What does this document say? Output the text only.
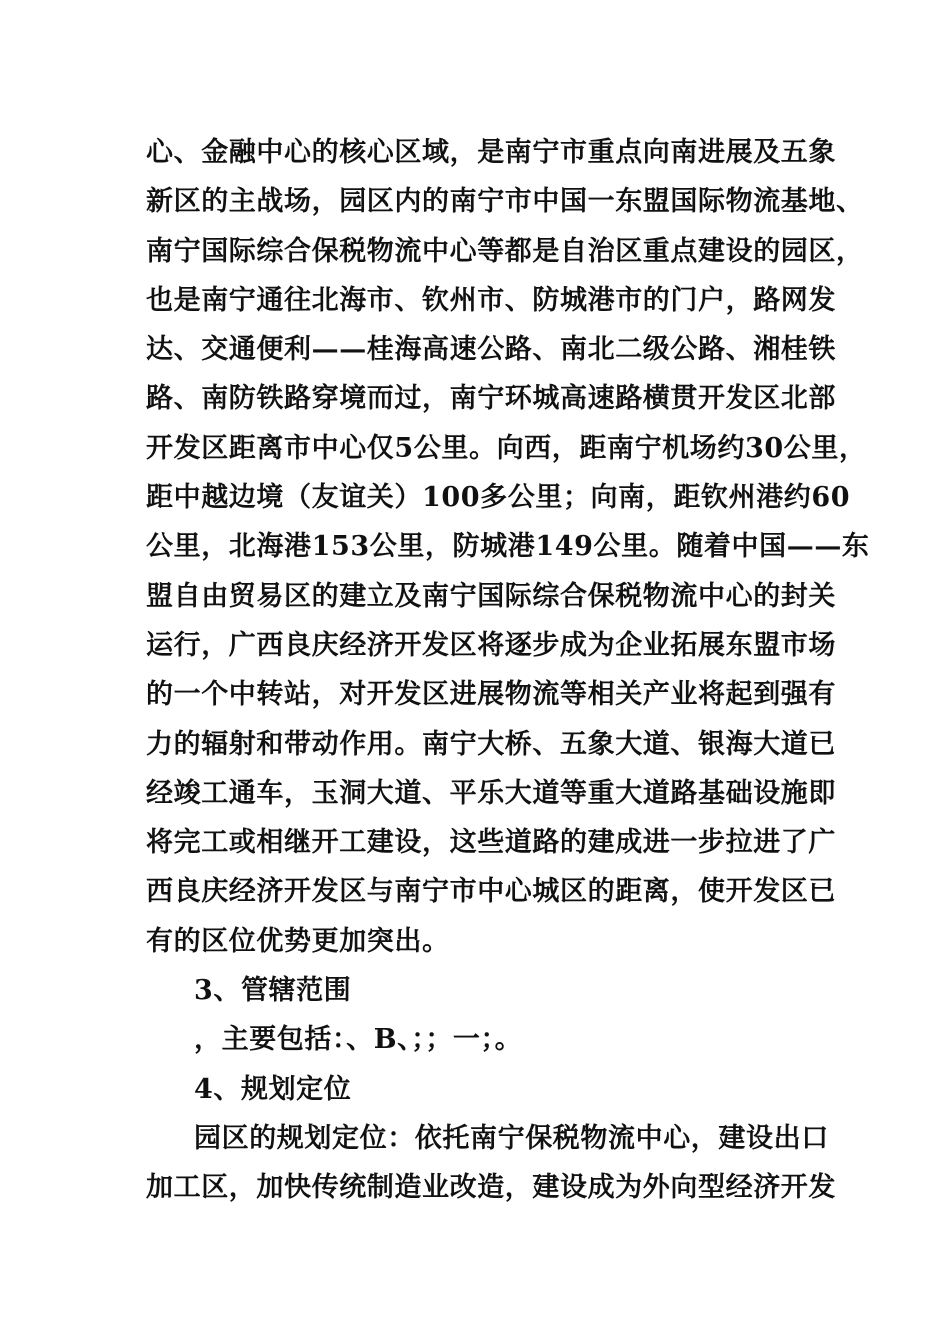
心、金融中心的核心区域，是南宁市重点向南进展及五象
新区的主战场，园区内的南宁市中国一东盟国际物流基地、
南宁国际综合保税物流中心等都是自治区重点建设的园区，
也是南宁通往北海市、钦州市、防城港市的门户，路网发
达、交通便利——桂海高速公路、南北二级公路、湘桂铁
路、南防铁路穿境而过，南宁环城高速路横贯开发区北部
开发区距离市中心仅5公里。向西，距南宁机场约30公里，
距中越边境（友谊关）100多公里；向南，距钦州港约60
公里，北海港153公里，防城港149公里。随着中国——东
盟自由贸易区的建立及南宁国际综合保税物流中心的封关
运行，广西良庆经济开发区将逐步成为企业拓展东盟市场
的一个中转站，对开发区进展物流等相关产业将起到强有
力的辐射和带动作用。南宁大桥、五象大道、银海大道已
经竣工通车，玉洞大道、平乐大道等重大道路基础设施即
将完工或相继开工建设，这些道路的建成进一步拉进了广
西良庆经济开发区与南宁市中心城区的距离，使开发区已
有的区位优势更加突出。
3、管辖范围
，主要包括：、B、；；一；。
4、规划定位
园区的规划定位：依托南宁保税物流中心，建设出口
加工区，加快传统制造业改造，建设成为外向型经济开发
